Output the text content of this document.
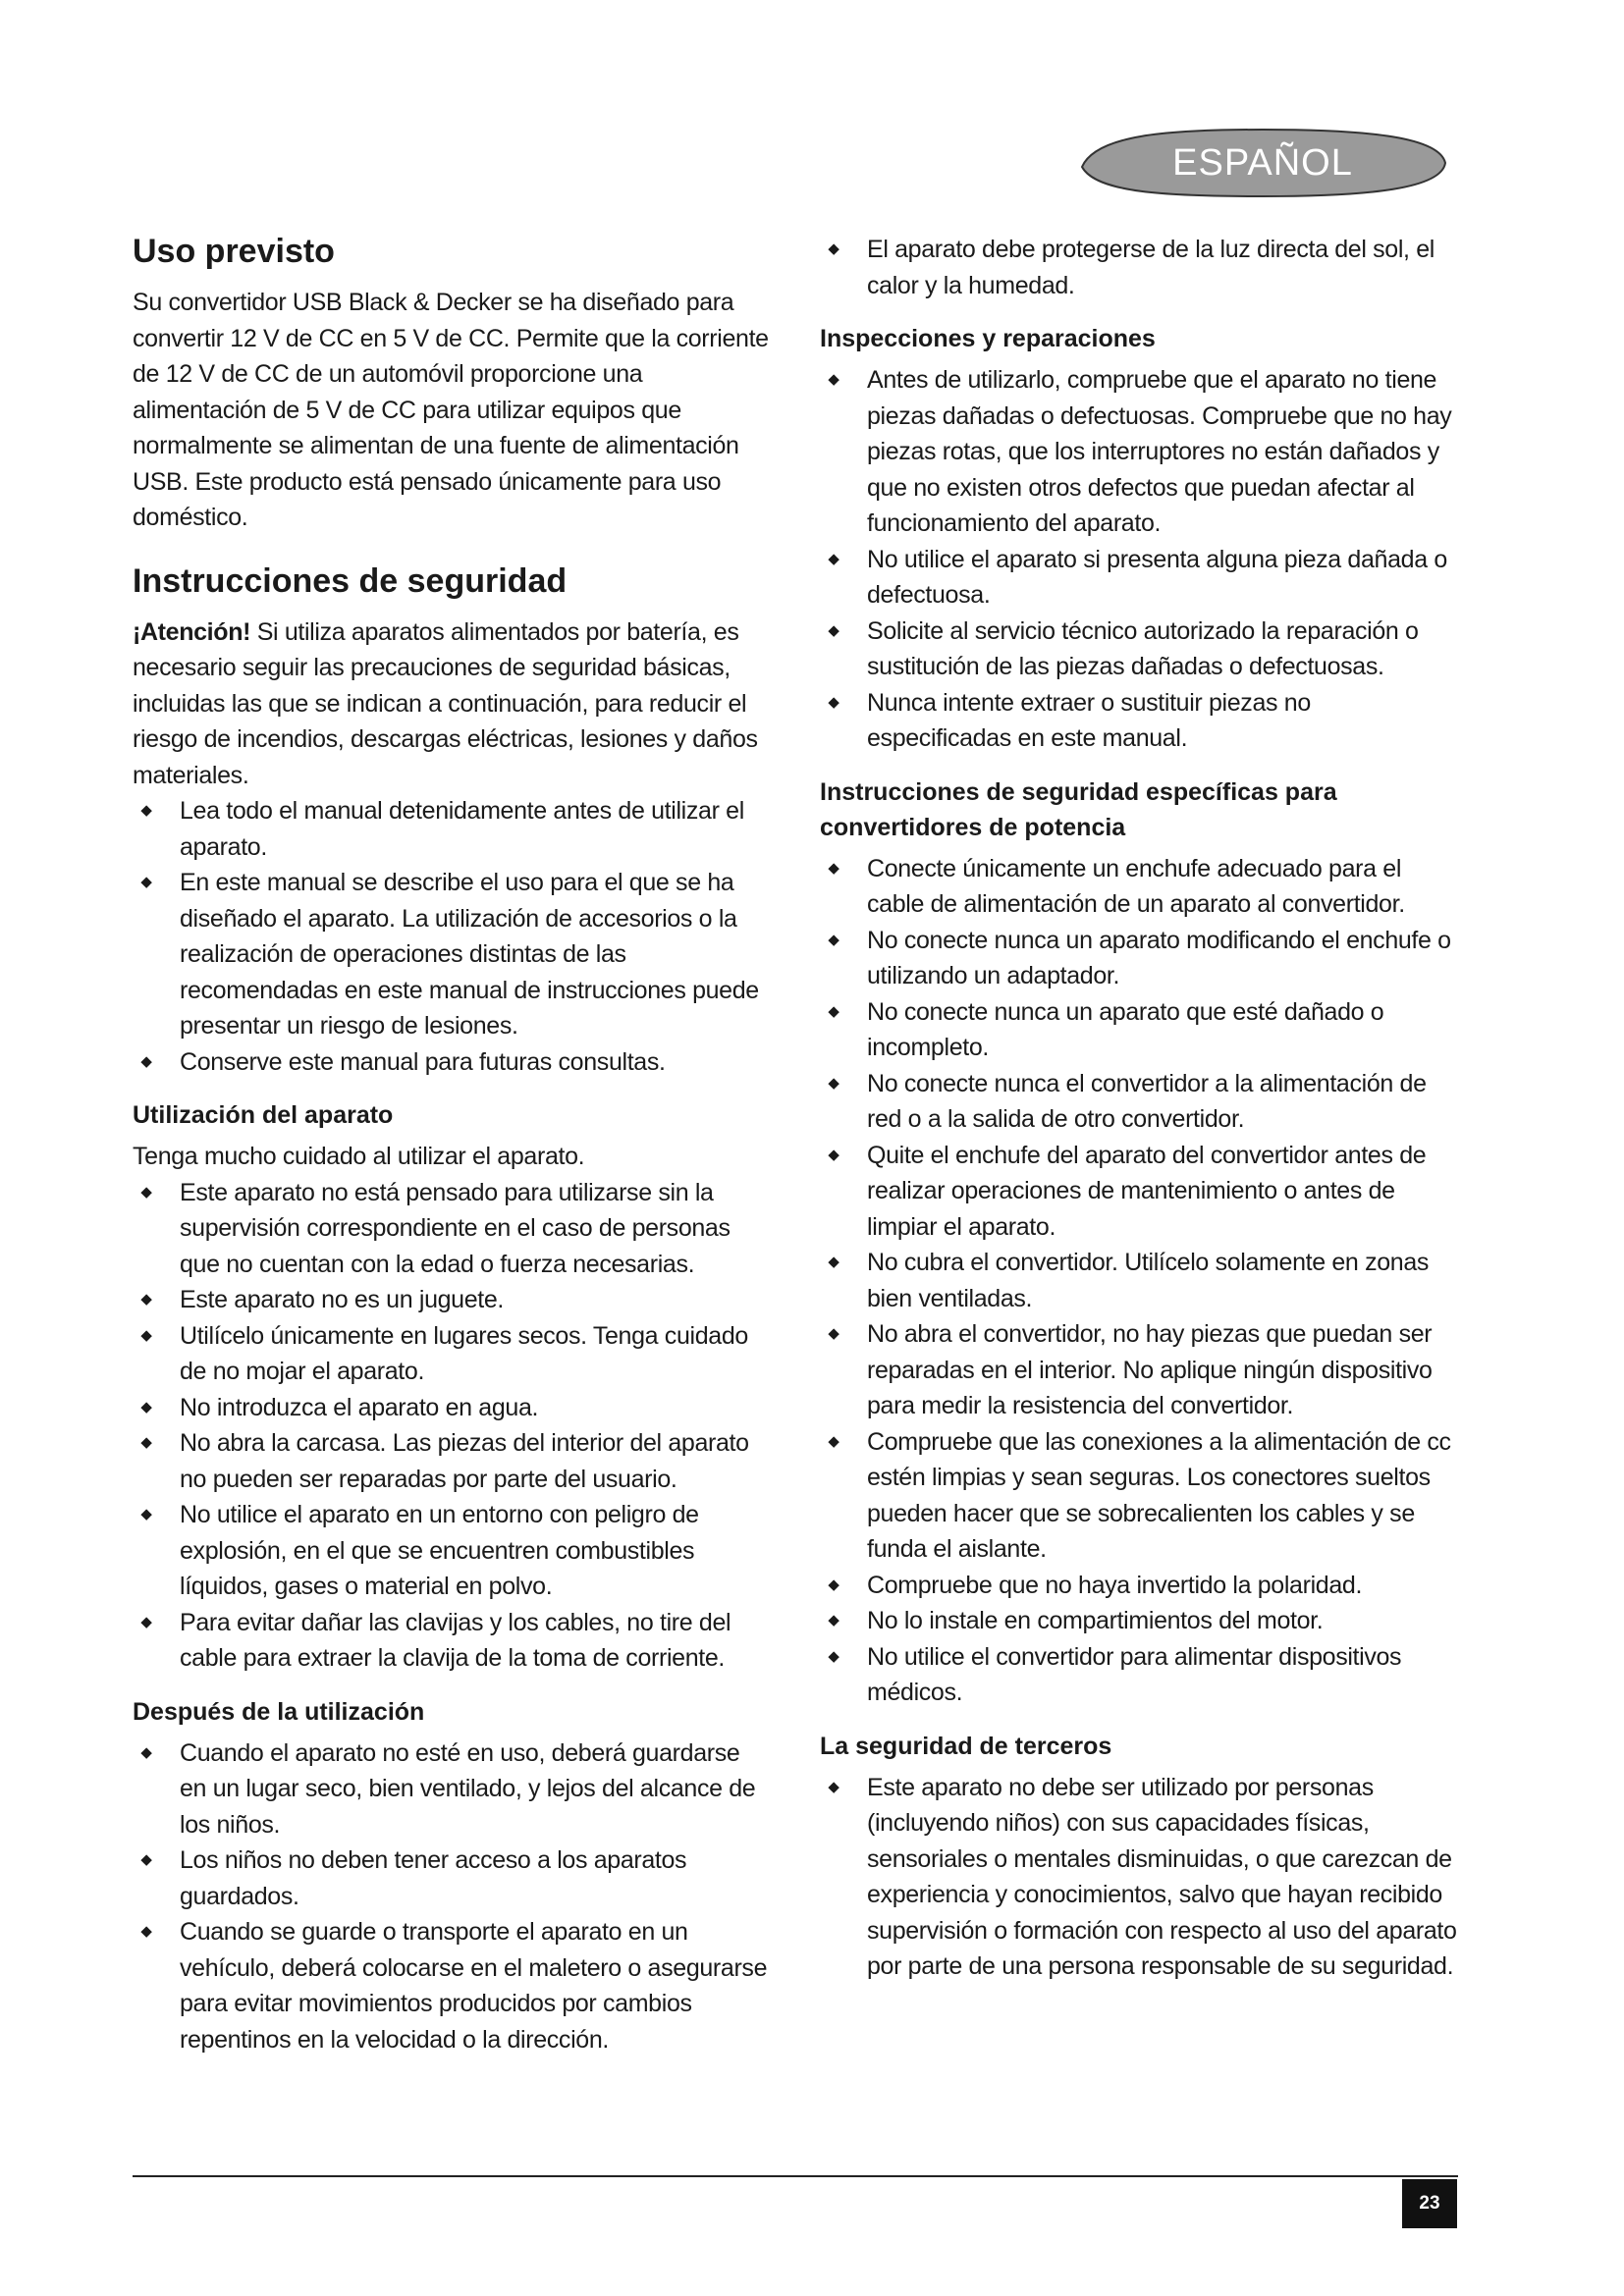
ESPAÑOL
Uso previsto

Su convertidor USB Black & Decker se ha diseñado para convertir 12 V de CC en 5 V de CC. Permite que la corriente de 12 V de CC de un automóvil proporcione una alimentación de 5 V de CC para utilizar equipos que normalmente se alimentan de una fuente de alimentación USB. Este producto está pensado únicamente para uso doméstico.

Instrucciones de seguridad

¡Atención! Si utiliza aparatos alimentados por batería, es necesario seguir las precauciones de seguridad básicas, incluidas las que se indican a continuación, para reducir el riesgo de incendios, descargas eléctricas, lesiones y daños materiales.

◆	Lea todo el manual detenidamente antes de utilizar el aparato.
◆	En este manual se describe el uso para el que se ha diseñado el aparato. La utilización de accesorios o la realización de operaciones distintas de las recomendadas en este manual de instrucciones puede presentar un riesgo de lesiones.
◆	Conserve este manual para futuras consultas.
Utilización del aparato

Tenga mucho cuidado al utilizar el aparato.

◆	Este aparato no está pensado para utilizarse sin la supervisión correspondiente en el caso de personas que no cuentan con la edad o fuerza necesarias.
◆	Este aparato no es un juguete.
◆	Utilícelo únicamente en lugares secos. Tenga cuidado de no mojar el aparato.
◆	No introduzca el aparato en agua.
◆	No abra la carcasa. Las piezas del interior del aparato no pueden ser reparadas por parte del usuario.
◆	No utilice el aparato en un entorno con peligro de explosión, en el que se encuentren combustibles líquidos, gases o material en polvo.
◆	Para evitar dañar las clavijas y los cables, no tire del cable para extraer la clavija de la toma de corriente.
Después de la utilización
◆	Cuando el aparato no esté en uso, deberá guardarse en un lugar seco, bien ventilado, y lejos del alcance de los niños.
◆	Los niños no deben tener acceso a los aparatos guardados.
◆	Cuando se guarde o transporte el aparato en un vehículo, deberá colocarse en el maletero o asegurarse para evitar movimientos producidos por cambios repentinos en la velocidad o la dirección.
◆	El aparato debe protegerse de la luz directa del sol, el calor y la humedad.
Inspecciones y reparaciones
◆	Antes de utilizarlo, compruebe que el aparato no tiene piezas dañadas o defectuosas. Compruebe que no hay piezas rotas, que los interruptores no están dañados y que no existen otros defectos que puedan afectar al funcionamiento del aparato.
◆	No utilice el aparato si presenta alguna pieza dañada o defectuosa.
◆	Solicite al servicio técnico autorizado la reparación o sustitución de las piezas dañadas o defectuosas.
◆	Nunca intente extraer o sustituir piezas no especificadas en este manual.
Instrucciones de seguridad específicas para convertidores de potencia
◆	Conecte únicamente un enchufe adecuado para el cable de alimentación de un aparato al convertidor.
◆	No conecte nunca un aparato modificando el enchufe o utilizando un adaptador.
◆	No conecte nunca un aparato que esté dañado o incompleto.
◆	No conecte nunca el convertidor a la alimentación de red o a la salida de otro convertidor.
◆	Quite el enchufe del aparato del convertidor antes de realizar operaciones de mantenimiento o antes de limpiar el aparato.
◆	No cubra el convertidor. Utilícelo solamente en zonas bien ventiladas.
◆	No abra el convertidor, no hay piezas que puedan ser reparadas en el interior. No aplique ningún dispositivo para medir la resistencia del convertidor.
◆	Compruebe que las conexiones a la alimentación de cc estén limpias y sean seguras. Los conectores sueltos pueden hacer que se sobrecalienten los cables y se funda el aislante.
◆	Compruebe que no haya invertido la polaridad.
◆	No lo instale en compartimientos del motor.
◆	No utilice el convertidor para alimentar dispositivos médicos.
La seguridad de terceros
◆	Este aparato no debe ser utilizado por personas (incluyendo niños) con sus capacidades físicas, sensoriales o mentales disminuidas, o que carezcan de experiencia y conocimientos, salvo que hayan recibido supervisión o formación con respecto al uso del aparato por parte de una persona responsable de su seguridad.
23
